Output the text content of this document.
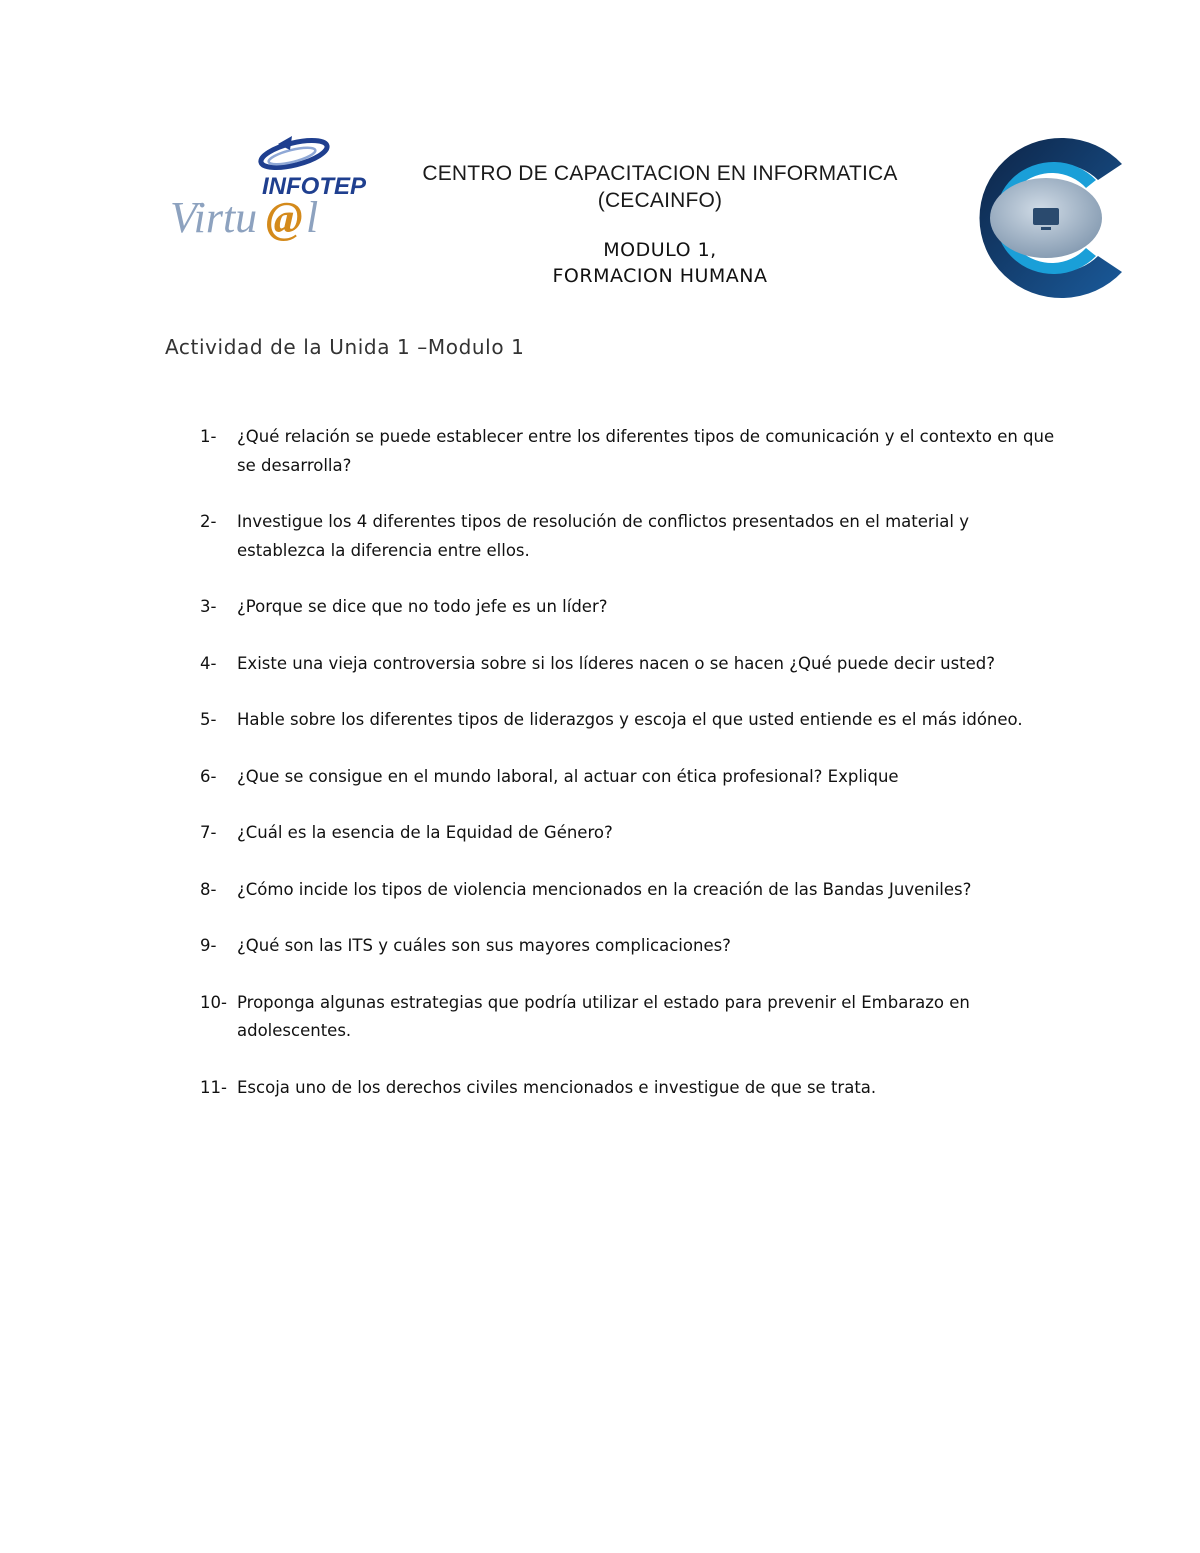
INFOTEP
Virtu @ l
CENTRO DE CAPACITACION EN INFORMATICA
(CECAINFO)
MODULO 1,
FORMACION HUMANA
Actividad de la Unida 1 –Modulo 1
1-	¿Qué relación se puede establecer entre los diferentes tipos de comunicación y el contexto en que se desarrolla?
2-	Investigue los 4 diferentes tipos de resolución de conflictos presentados en el material y establezca la diferencia entre ellos.
3-	¿Porque se dice que no todo jefe es un líder?
4-	Existe una vieja controversia sobre si los líderes nacen o se hacen ¿Qué puede decir usted?
5-	Hable sobre los diferentes tipos de liderazgos y escoja el que usted entiende es el más idóneo.
6-	¿Que se consigue en el mundo laboral, al actuar con ética profesional? Explique
7-	¿Cuál es la esencia de la Equidad de Género?
8-	¿Cómo incide los tipos de violencia mencionados en la creación de las Bandas Juveniles?
9-	¿Qué son las ITS y cuáles son sus mayores complicaciones?
10- Proponga algunas estrategias que podría utilizar el estado para prevenir el Embarazo en adolescentes.
11- Escoja uno de los derechos civiles mencionados e investigue de que se trata.
